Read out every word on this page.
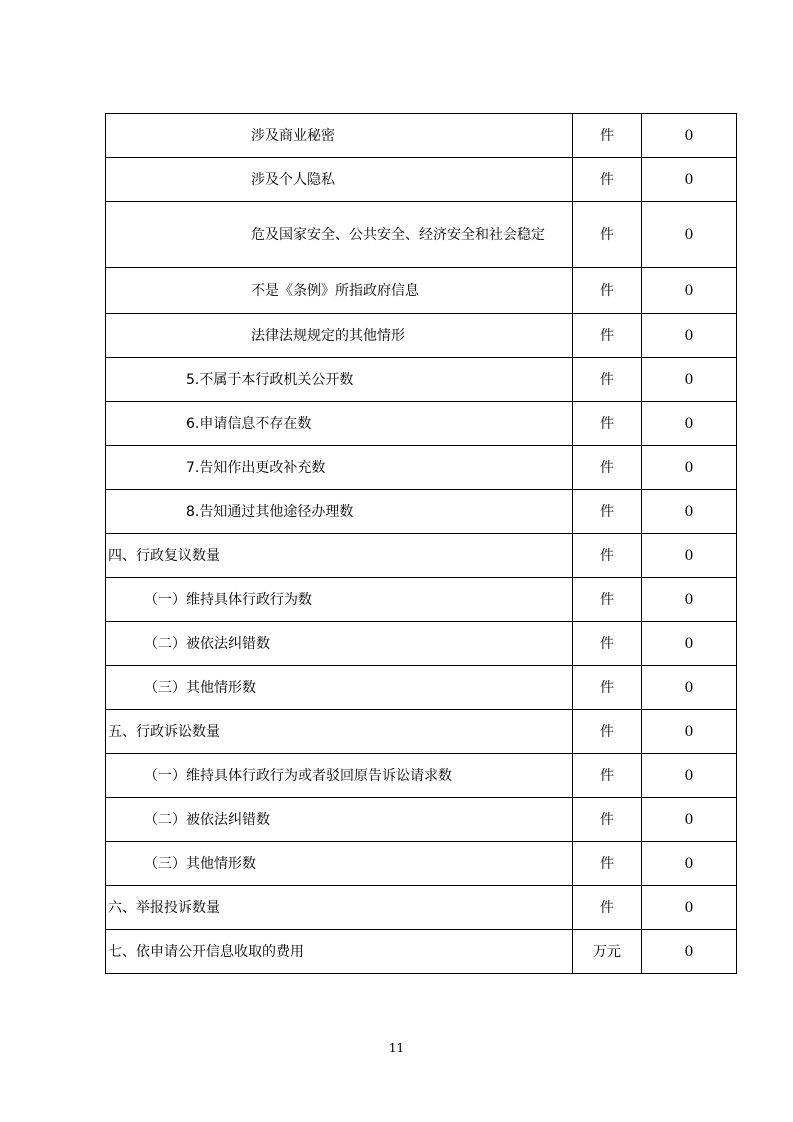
涉及商业秘密	件	0
涉及个人隐私	件	0
危及国家安全、公共安全、经济安全和社会稳定	件	0
不是《条例》所指政府信息	件	0
法律法规规定的其他情形	件	0
5.不属于本行政机关公开数	件	0
6.申请信息不存在数	件	0
7.告知作出更改补充数	件	0
8.告知通过其他途径办理数	件	0
四、行政复议数量	件	0
（一）维持具体行政行为数	件	0
（二）被依法纠错数	件	0
（三）其他情形数	件	0
五、行政诉讼数量	件	0
（一）维持具体行政行为或者驳回原告诉讼请求数	件	0
（二）被依法纠错数	件	0
（三）其他情形数	件	0
六、举报投诉数量	件	0
七、依申请公开信息收取的费用	万元	0
11
